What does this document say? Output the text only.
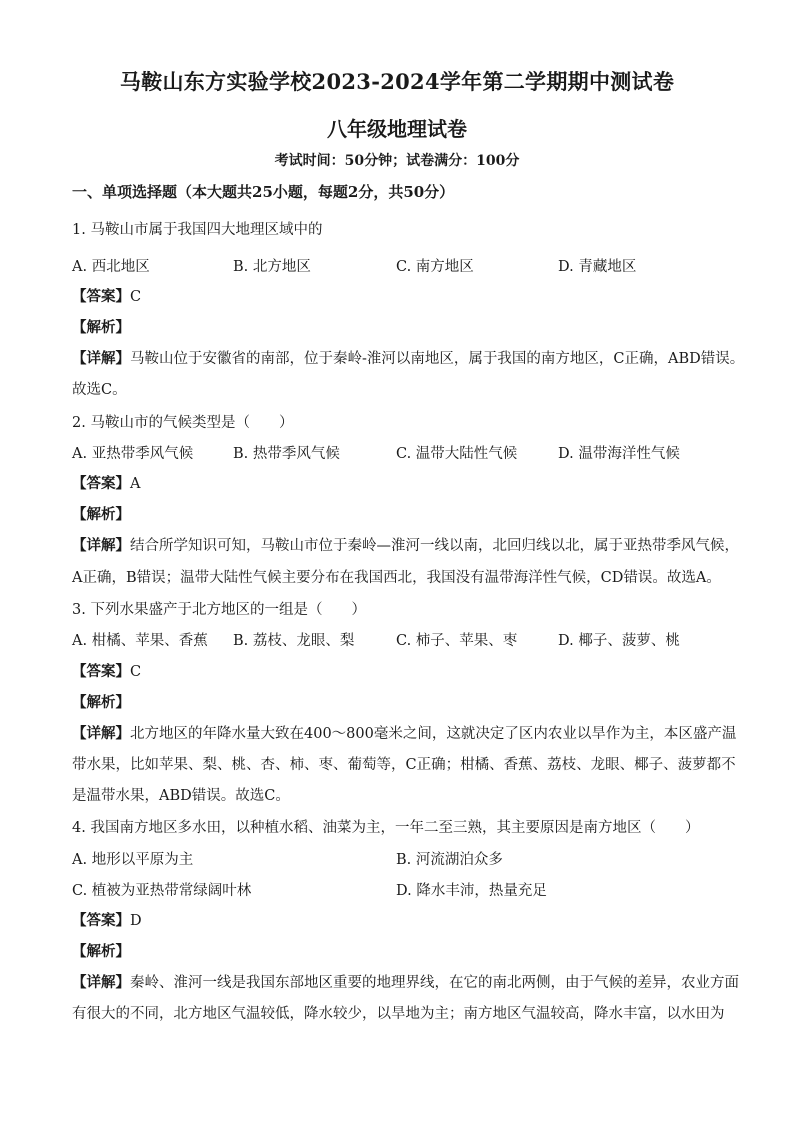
马鞍山东方实验学校2023-2024学年第二学期期中测试卷
八年级地理试卷
考试时间：50分钟；试卷满分：100分
一、单项选择题（本大题共25小题，每题2分，共50分）
1. 马鞍山市属于我国四大地理区域中的
A. 西北地区	B. 北方地区	C. 南方地区	D. 青藏地区
【答案】C
【解析】
【详解】马鞍山位于安徽省的南部，位于秦岭-淮河以南地区，属于我国的南方地区，C正确，ABD错误。
故选C。
2. 马鞍山市的气候类型是（　　）
A. 亚热带季风气候	B. 热带季风气候	C. 温带大陆性气候	D. 温带海洋性气候
【答案】A
【解析】
【详解】结合所学知识可知，马鞍山市位于秦岭—淮河一线以南，北回归线以北，属于亚热带季风气候，
A正确，B错误；温带大陆性气候主要分布在我国西北，我国没有温带海洋性气候，CD错误。故选A。
3. 下列水果盛产于北方地区的一组是（　　）
A. 柑橘、苹果、香蕉 B. 荔枝、龙眼、梨	C. 柿子、苹果、枣	D. 椰子、菠萝、桃
【答案】C
【解析】
【详解】北方地区的年降水量大致在400～800毫米之间，这就决定了区内农业以旱作为主，本区盛产温
带水果，比如苹果、梨、桃、杏、柿、枣、葡萄等，C正确；柑橘、香蕉、荔枝、龙眼、椰子、菠萝都不
是温带水果，ABD错误。故选C。
4. 我国南方地区多水田，以种植水稻、油菜为主，一年二至三熟，其主要原因是南方地区（　　）
A. 地形以平原为主	B. 河流湖泊众多
C. 植被为亚热带常绿阔叶林	D. 降水丰沛，热量充足
【答案】D
【解析】
【详解】秦岭、淮河一线是我国东部地区重要的地理界线，在它的南北两侧，由于气候的差异，农业方面
有很大的不同，北方地区气温较低，降水较少，以旱地为主；南方地区气温较高，降水丰富，以水田为
